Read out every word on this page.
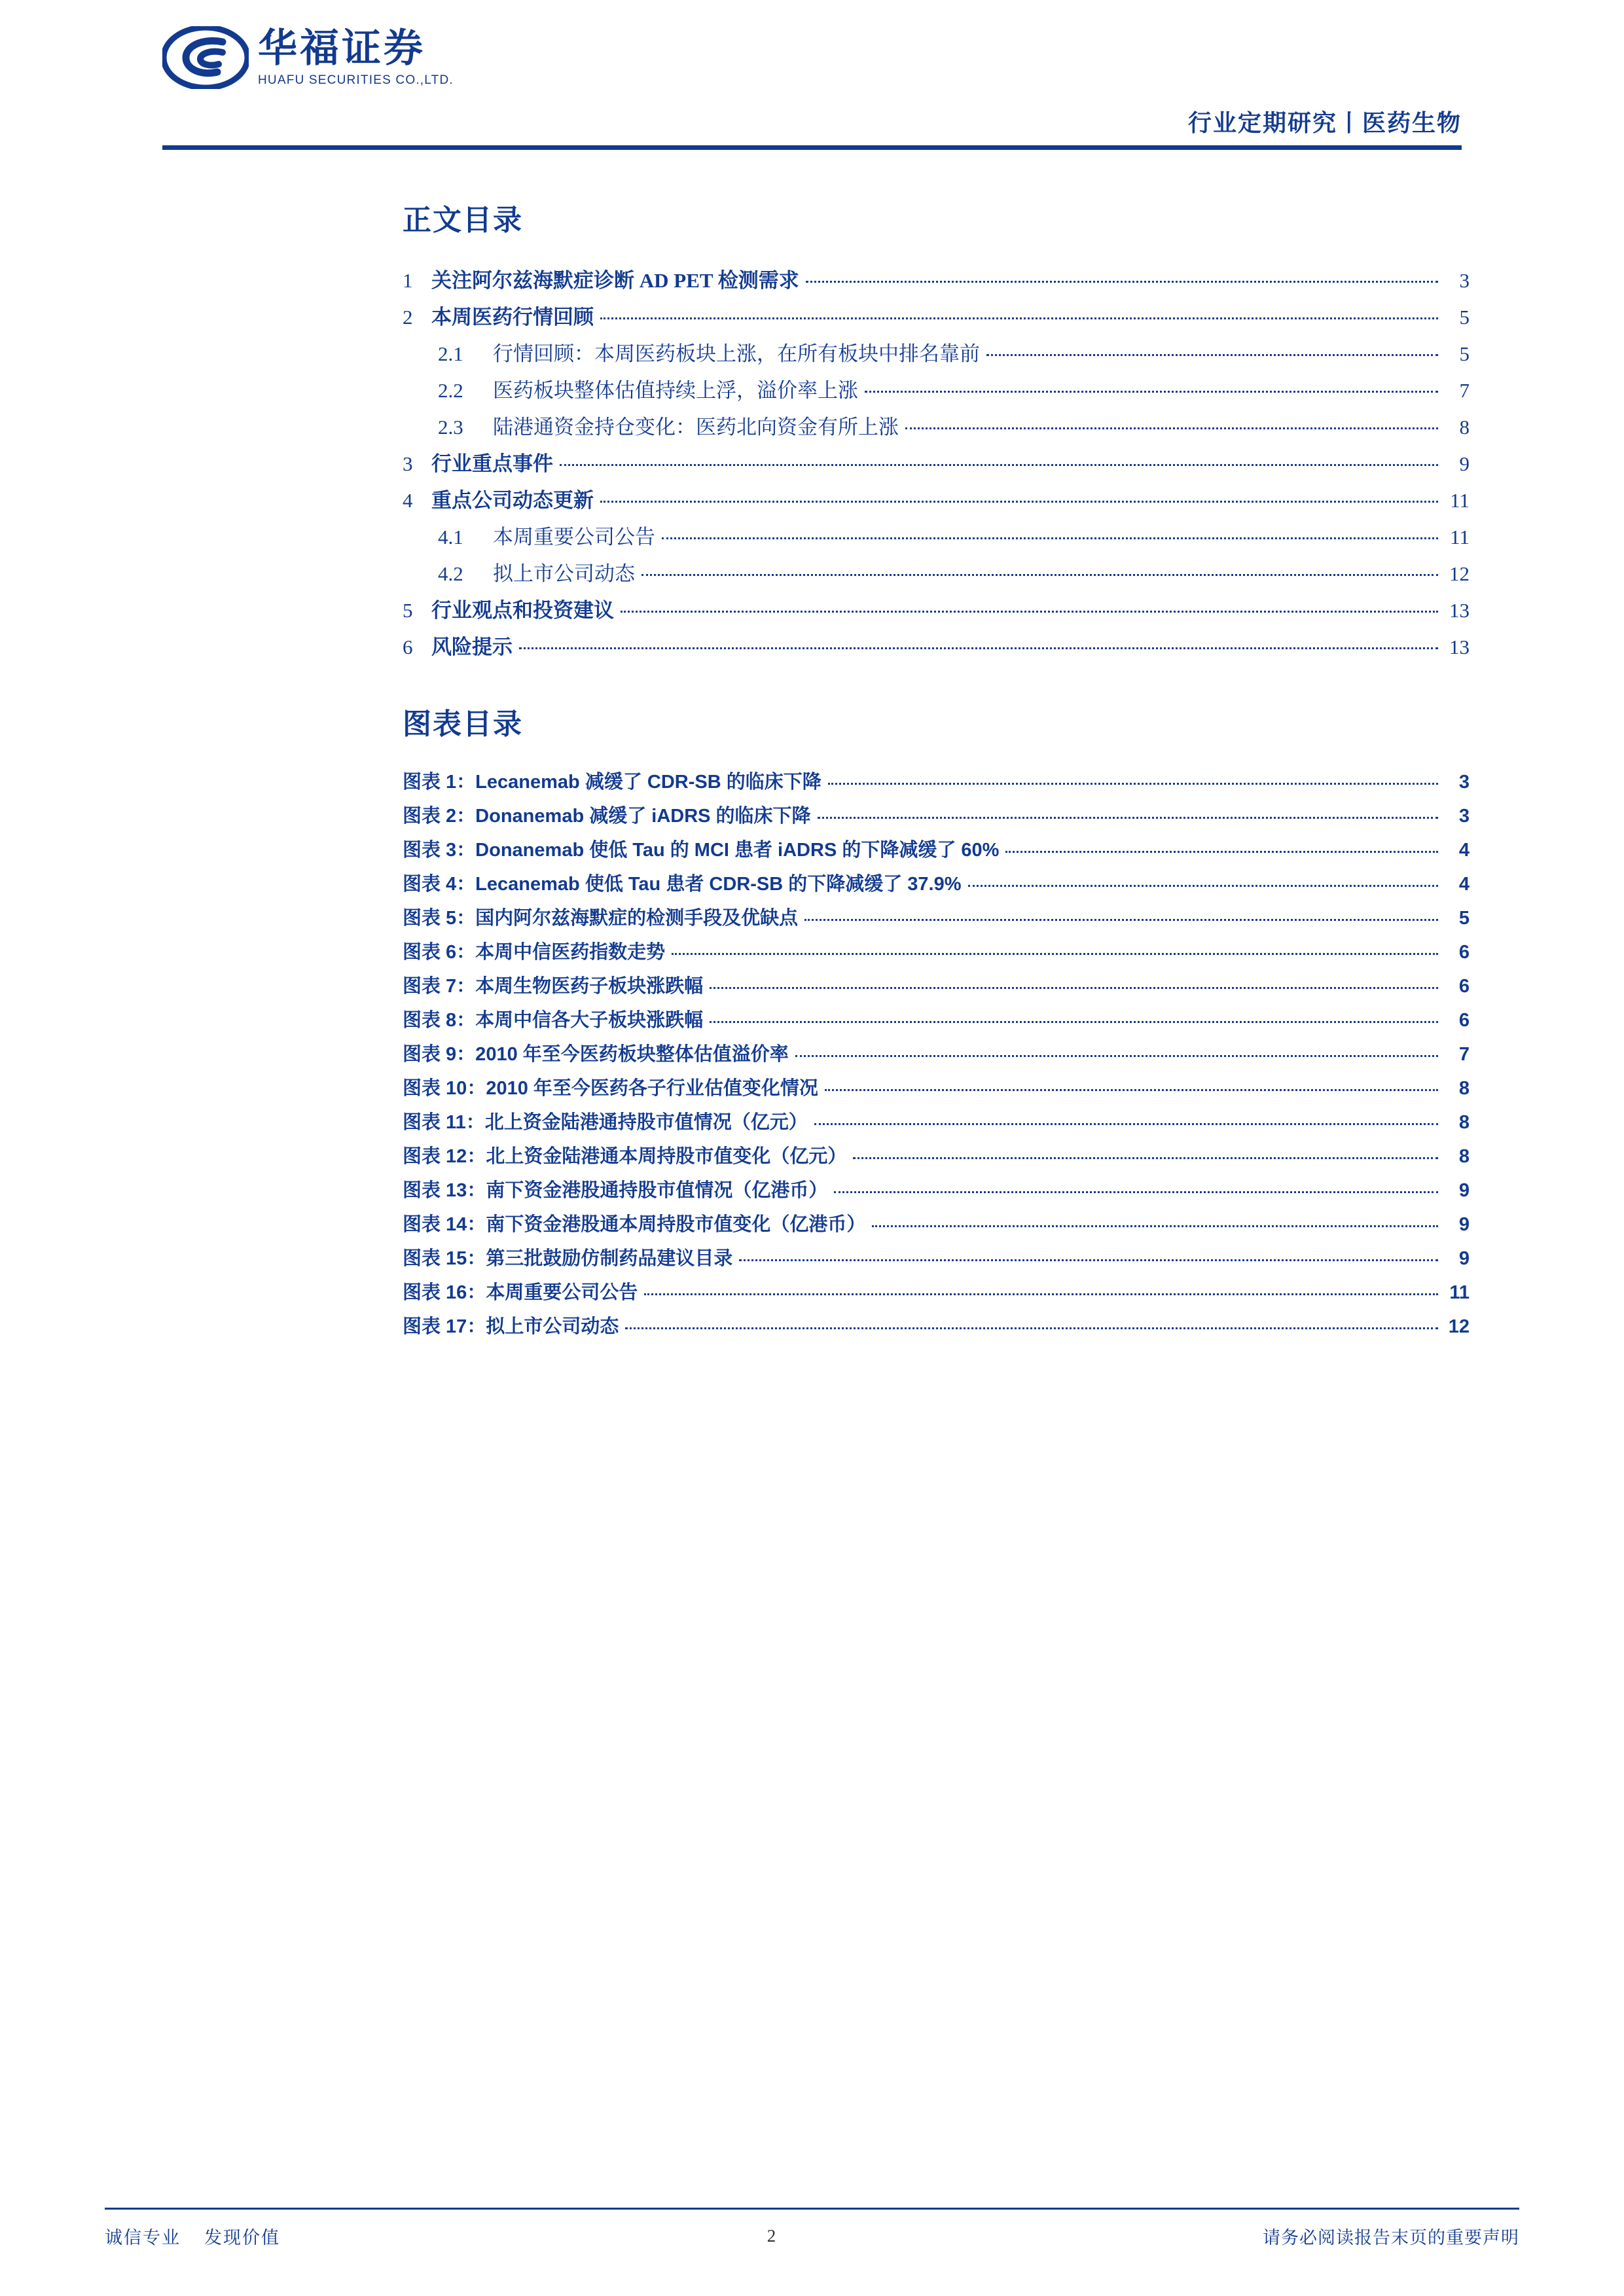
华福证券
HUAFU SECURITIES CO.,LTD.
行业定期研究丨医药生物
正文目录
1 关注阿尔兹海默症诊断 AD PET 检测需求	3
2 本周医药行情回顾	5
2.1	行情回顾：本周医药板块上涨，在所有板块中排名靠前	5
2.2	医药板块整体估值持续上浮，溢价率上涨	7
2.3	陆港通资金持仓变化：医药北向资金有所上涨	8
3 行业重点事件	9
4 重点公司动态更新	11
4.1	本周重要公司公告	11
4.2	拟上市公司动态	12
5 行业观点和投资建议	13
6 风险提示	13
图表目录
图表 1：Lecanemab 减缓了 CDR-SB 的临床下降	3
图表 2：Donanemab 减缓了 iADRS 的临床下降	3
图表 3：Donanemab 使低 Tau 的 MCI 患者 iADRS 的下降减缓了 60%	4
图表 4：Lecanemab 使低 Tau 患者 CDR-SB 的下降减缓了 37.9%	4
图表 5：国内阿尔兹海默症的检测手段及优缺点	5
图表 6：本周中信医药指数走势	6
图表 7：本周生物医药子板块涨跌幅	6
图表 8：本周中信各大子板块涨跌幅	6
图表 9：2010 年至今医药板块整体估值溢价率	7
图表 10：2010 年至今医药各子行业估值变化情况	8
图表 11：北上资金陆港通持股市值情况（亿元）	8
图表 12：北上资金陆港通本周持股市值变化（亿元）	8
图表 13：南下资金港股通持股市值情况（亿港币）	9
图表 14：南下资金港股通本周持股市值变化（亿港币）	9
图表 15：第三批鼓励仿制药品建议目录	9
图表 16：本周重要公司公告	11
图表 17：拟上市公司动态	12
诚信专业 发现价值	2	请务必阅读报告末页的重要声明
